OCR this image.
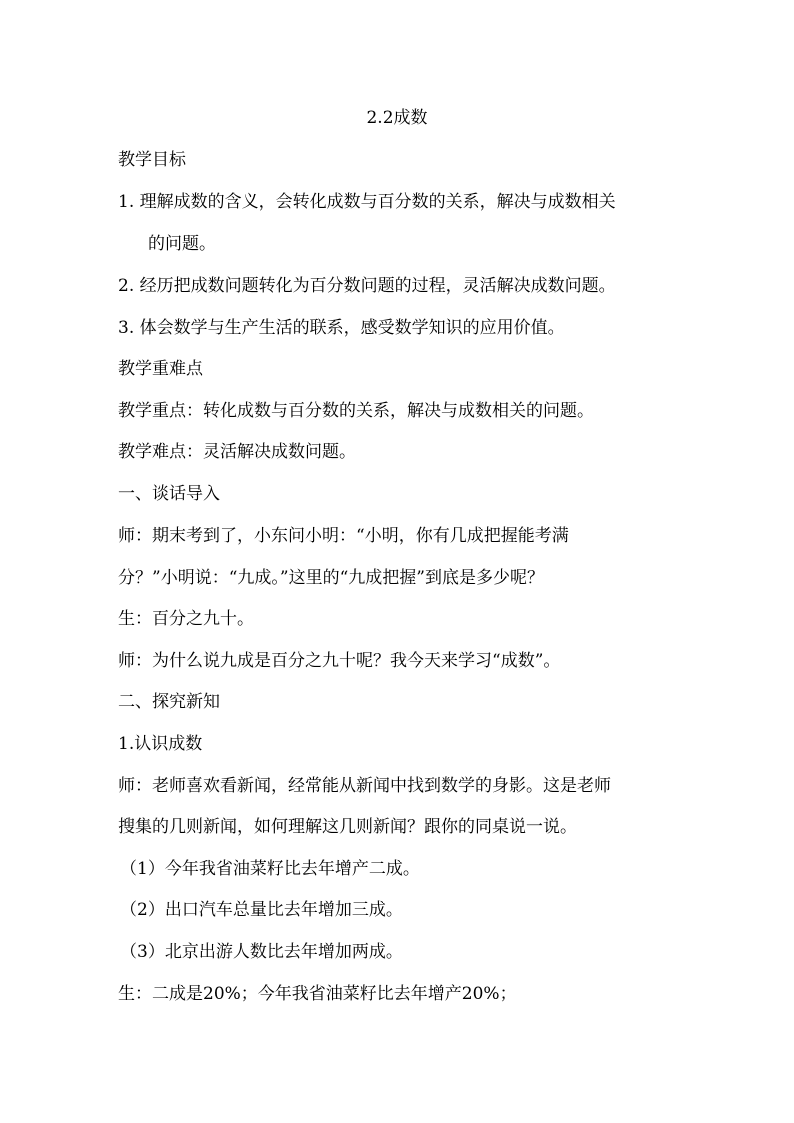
2.2成数
教学目标
1. 理解成数的含义，会转化成数与百分数的关系，解决与成数相关
的问题。
2. 经历把成数问题转化为百分数问题的过程，灵活解决成数问题。
3. 体会数学与生产生活的联系，感受数学知识的应用价值。
教学重难点
教学重点：转化成数与百分数的关系，解决与成数相关的问题。
教学难点：灵活解决成数问题。
一、谈话导入
师：期末考到了，小东问小明：“小明，你有几成把握能考满
分？”小明说：“九成。”这里的“九成把握”到底是多少呢？
生：百分之九十。
师：为什么说九成是百分之九十呢？我今天来学习“成数”。
二、探究新知
1.认识成数
师：老师喜欢看新闻，经常能从新闻中找到数学的身影。这是老师
搜集的几则新闻，如何理解这几则新闻？跟你的同桌说一说。
（1）今年我省油菜籽比去年增产二成。
（2）出口汽车总量比去年增加三成。
（3）北京出游人数比去年增加两成。
生：二成是20%；今年我省油菜籽比去年增产20%；
